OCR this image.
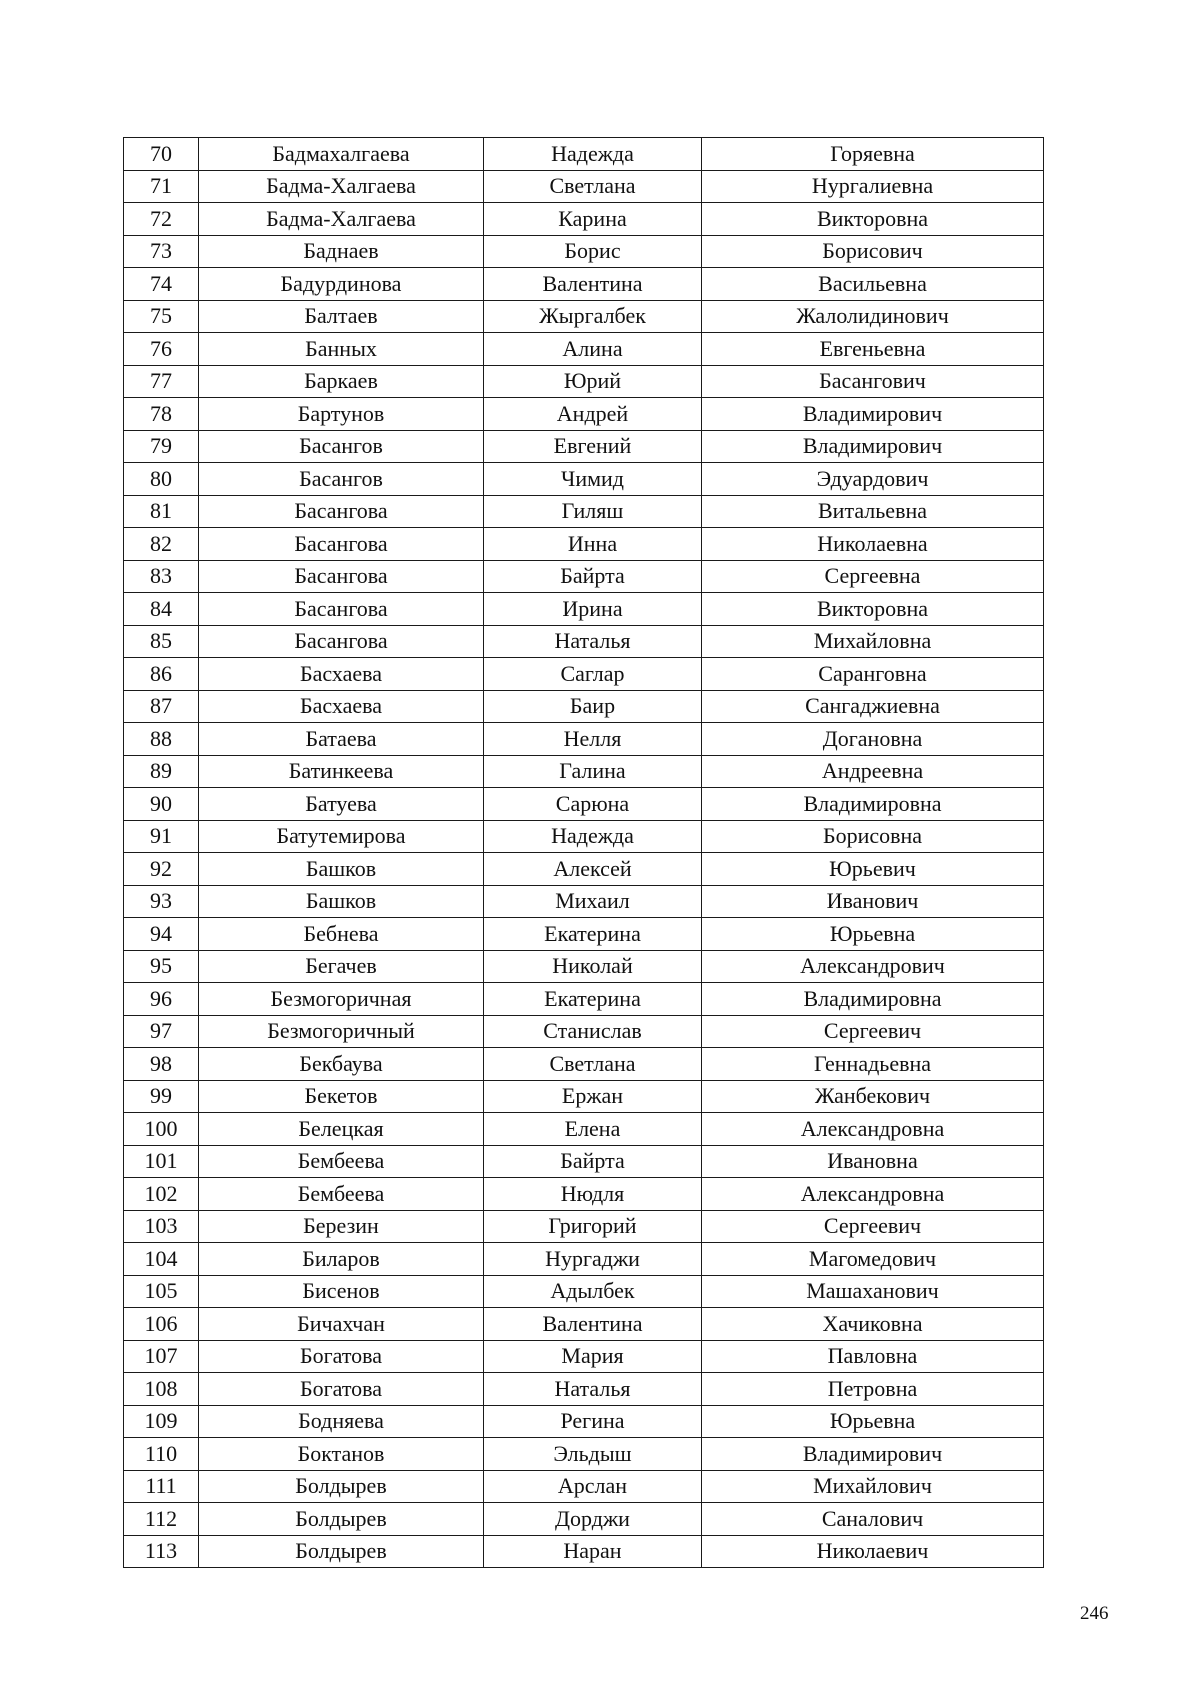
70	Бадмахалгаева	Надежда	Горяевна
71	Бадма-Халгаева	Светлана	Нургалиевна
72	Бадма-Халгаева	Карина	Викторовна
73	Баднаев	Борис	Борисович
74	Бадурдинова	Валентина	Васильевна
75	Балтаев	Жыргалбек	Жалолидинович
76	Банных	Алина	Евгеньевна
77	Баркаев	Юрий	Басангович
78	Бартунов	Андрей	Владимирович
79	Басангов	Евгений	Владимирович
80	Басангов	Чимид	Эдуардович
81	Басангова	Гиляш	Витальевна
82	Басангова	Инна	Николаевна
83	Басангова	Байрта	Сергеевна
84	Басангова	Ирина	Викторовна
85	Басангова	Наталья	Михайловна
86	Басхаева	Саглар	Саранговна
87	Басхаева	Баир	Сангаджиевна
88	Батаева	Нелля	Догановна
89	Батинкеева	Галина	Андреевна
90	Батуева	Сарюна	Владимировна
91	Батутемирова	Надежда	Борисовна
92	Башков	Алексей	Юрьевич
93	Башков	Михаил	Иванович
94	Бебнева	Екатерина	Юрьевна
95	Бегачев	Николай	Александрович
96	Безмогоричная	Екатерина	Владимировна
97	Безмогоричный	Станислав	Сергеевич
98	Бекбаува	Светлана	Геннадьевна
99	Бекетов	Ержан	Жанбекович
100	Белецкая	Елена	Александровна
101	Бембеева	Байрта	Ивановна
102	Бембеева	Нюдля	Александровна
103	Березин	Григорий	Сергеевич
104	Биларов	Нургаджи	Магомедович
105	Бисенов	Адылбек	Машаханович
106	Бичахчан	Валентина	Хачиковна
107	Богатова	Мария	Павловна
108	Богатова	Наталья	Петровна
109	Бодняева	Регина	Юрьевна
110	Боктанов	Эльдыш	Владимирович
111	Болдырев	Арслан	Михайлович
112	Болдырев	Дорджи	Саналович
113	Болдырев	Наран	Николаевич
246
